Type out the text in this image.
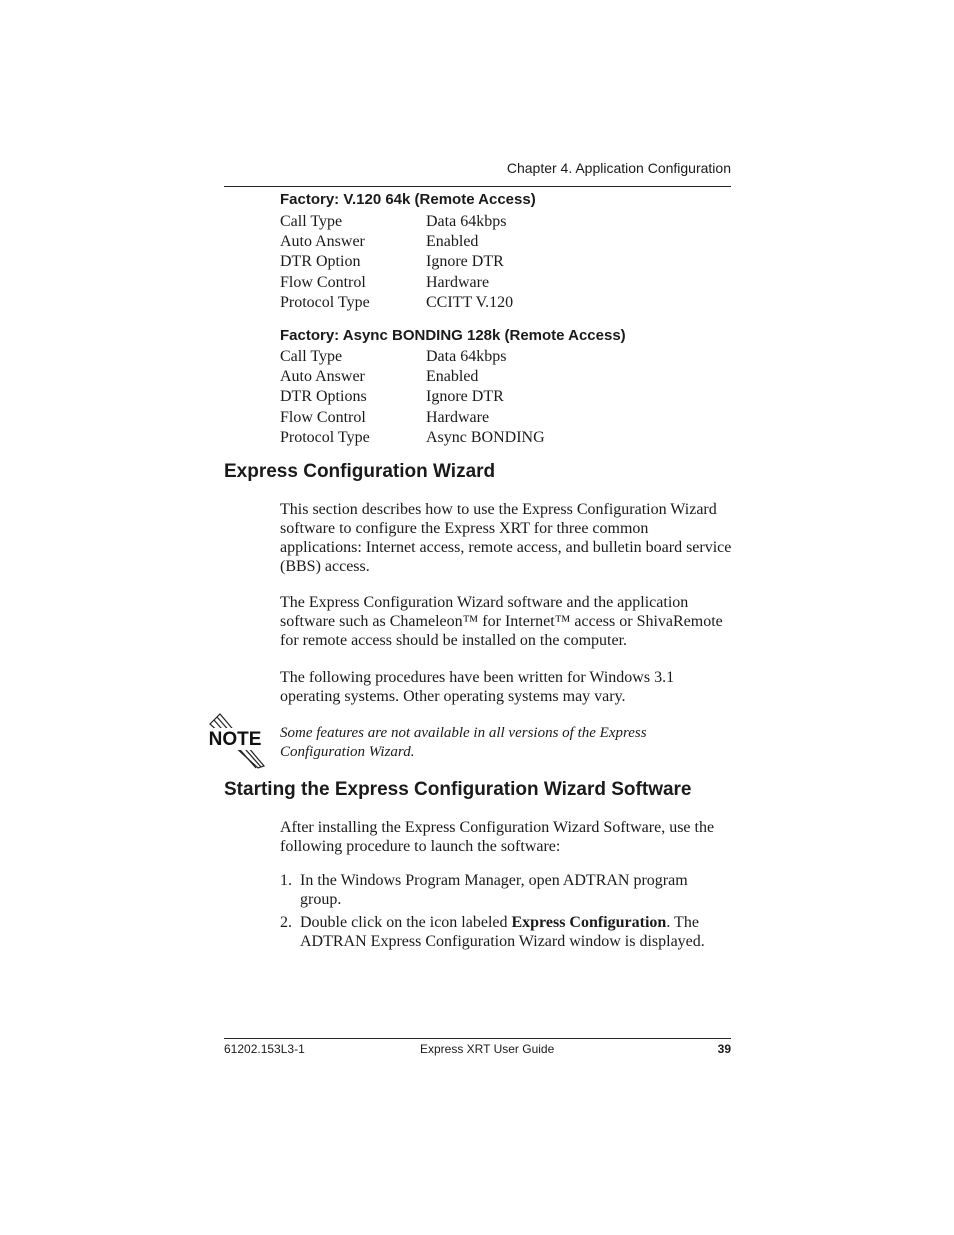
Chapter 4. Application Configuration
Factory: V.120 64k (Remote Access)
Call Type	Data 64kbps
Auto Answer	Enabled
DTR Option	Ignore DTR
Flow Control	Hardware
Protocol Type	CCITT V.120
Factory: Async BONDING 128k (Remote Access)
Call Type	Data 64kbps
Auto Answer	Enabled
DTR Options	Ignore DTR
Flow Control	Hardware
Protocol Type	Async BONDING
Express Configuration Wizard

This section describes how to use the Express Configuration Wizard software to configure the Express XRT for three common applications: Internet access, remote access, and bulletin board service (BBS) access.

The Express Configuration Wizard software and the application software such as Chameleon™ for Internet™ access or ShivaRemote for remote access should be installed on the computer.

The following procedures have been written for Windows 3.1 operating systems. Other operating systems may vary.

NOTE Some features are not available in all versions of the Express Configuration Wizard.
Starting the Express Configuration Wizard Software

After installing the Express Configuration Wizard Software, use the following procedure to launch the software:

1. In the Windows Program Manager, open ADTRAN program group.
2. Double click on the icon labeled Express Configuration. The ADTRAN Express Configuration Wizard window is displayed.
61202.153L3-1	Express XRT User Guide	39
